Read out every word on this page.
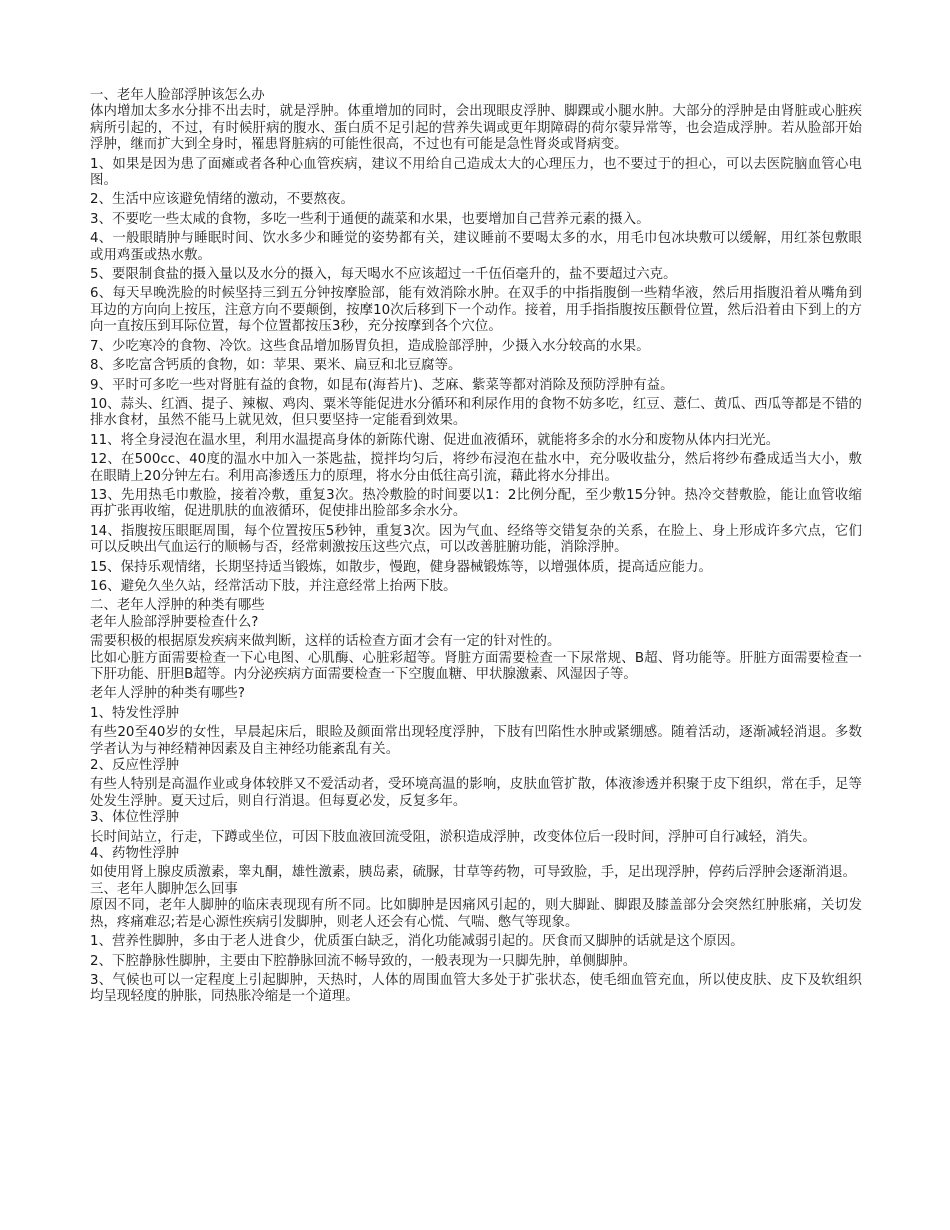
一、老年人脸部浮肿该怎么办

体内增加太多水分排不出去时，就是浮肿。体重增加的同时，会出现眼皮浮肿、脚踝或小腿水肿。大部分的浮肿是由肾脏或心脏疾病所引起的，不过，有时候肝病的腹水、蛋白质不足引起的营养失调或更年期障碍的荷尔蒙异常等，也会造成浮肿。若从脸部开始浮肿，继而扩大到全身时，罹患肾脏病的可能性很高，不过也有可能是急性肾炎或肾病变。

1、如果是因为患了面瘫或者各种心血管疾病，建议不用给自己造成太大的心理压力，也不要过于的担心，可以去医院脑血管心电图。

2、生活中应该避免情绪的激动，不要熬夜。

3、不要吃一些太咸的食物，多吃一些利于通便的蔬菜和水果，也要增加自己营养元素的摄入。

4、一般眼睛肿与睡眠时间、饮水多少和睡觉的姿势都有关，建议睡前不要喝太多的水，用毛巾包冰块敷可以缓解，用红茶包敷眼或用鸡蛋或热水敷。

5、要限制食盐的摄入量以及水分的摄入，每天喝水不应该超过一千伍佰毫升的，盐不要超过六克。

6、每天早晚洗脸的时候坚持三到五分钟按摩脸部，能有效消除水肿。在双手的中指指腹倒一些精华液，然后用指腹沿着从嘴角到耳边的方向向上按压，注意方向不要颠倒，按摩10次后移到下一个动作。接着，用手指指腹按压颧骨位置，然后沿着由下到上的方向一直按压到耳际位置，每个位置都按压3秒，充分按摩到各个穴位。

7、少吃寒冷的食物、冷饮。这些食品增加肠胃负担，造成脸部浮肿，少摄入水分较高的水果。

8、多吃富含钙质的食物，如：苹果、栗米、扁豆和北豆腐等。

9、平时可多吃一些对肾脏有益的食物，如昆布(海苔片)、芝麻、紫菜等都对消除及预防浮肿有益。

10、蒜头、红酒、提子、辣椒、鸡肉、粟米等能促进水分循环和利尿作用的食物不妨多吃，红豆、薏仁、黄瓜、西瓜等都是不错的排水食材，虽然不能马上就见效，但只要坚持一定能看到效果。

11、将全身浸泡在温水里，利用水温提高身体的新陈代谢、促进血液循环，就能将多余的水分和废物从体内扫光光。

12、在500cc、40度的温水中加入一茶匙盐，搅拌均匀后，将纱布浸泡在盐水中，充分吸收盐分，然后将纱布叠成适当大小，敷在眼睛上20分钟左右。利用高渗透压力的原理，将水分由低往高引流，藉此将水分排出。

13、先用热毛巾敷脸，接着冷敷，重复3次。热冷敷脸的时间要以1：2比例分配，至少敷15分钟。热冷交替敷脸，能让血管收缩再扩张再收缩，促进肌肤的血液循环，促使排出脸部多余水分。

14、指腹按压眼眶周围，每个位置按压5秒钟，重复3次。因为气血、经络等交错复杂的关系，在脸上、身上形成许多穴点，它们可以反映出气血运行的顺畅与否，经常刺激按压这些穴点，可以改善脏腑功能，消除浮肿。

15、保持乐观情绪，长期坚持适当锻炼，如散步，慢跑，健身器械锻炼等，以增强体质，提高适应能力。

16、避免久坐久站，经常活动下肢，并注意经常上抬两下肢。

二、老年人浮肿的种类有哪些

老年人脸部浮肿要检查什么?

需要积极的根据原发疾病来做判断，这样的话检查方面才会有一定的针对性的。

比如心脏方面需要检查一下心电图、心肌酶、心脏彩超等。肾脏方面需要检查一下尿常规、B超、肾功能等。肝脏方面需要检查一下肝功能、肝胆B超等。内分泌疾病方面需要检查一下空腹血糖、甲状腺激素、风湿因子等。

老年人浮肿的种类有哪些?

1、特发性浮肿

有些20至40岁的女性，早晨起床后，眼睑及颜面常出现轻度浮肿，下肢有凹陷性水肿或紧绷感。随着活动，逐渐减轻消退。多数学者认为与神经精神因素及自主神经功能紊乱有关。

2、反应性浮肿

有些人特别是高温作业或身体较胖又不爱活动者，受环境高温的影响，皮肤血管扩散，体液渗透并积聚于皮下组织，常在手，足等处发生浮肿。夏天过后，则自行消退。但每夏必发，反复多年。

3、体位性浮肿

长时间站立，行走，下蹲或坐位，可因下肢血液回流受阻，淤积造成浮肿，改变体位后一段时间，浮肿可自行减轻，消失。

4、药物性浮肿

如使用肾上腺皮质激素，睾丸酮，雄性激素，胰岛素，硫脲，甘草等药物，可导致脸，手，足出现浮肿，停药后浮肿会逐渐消退。

三、老年人脚肿怎么回事

原因不同，老年人脚肿的临床表现现有所不同。比如脚肿是因痛风引起的，则大脚趾、脚跟及膝盖部分会突然红肿胀痛，关切发热，疼痛难忍;若是心源性疾病引发脚肿，则老人还会有心慌、气喘、憋气等现象。

1、营养性脚肿，多由于老人进食少，优质蛋白缺乏，消化功能减弱引起的。厌食而又脚肿的话就是这个原因。

2、下腔静脉性脚肿，主要由下腔静脉回流不畅导致的，一般表现为一只脚先肿，单侧脚肿。

3、气候也可以一定程度上引起脚肿，天热时，人体的周围血管大多处于扩张状态，使毛细血管充血，所以使皮肤、皮下及软组织均呈现轻度的肿胀，同热胀冷缩是一个道理。
